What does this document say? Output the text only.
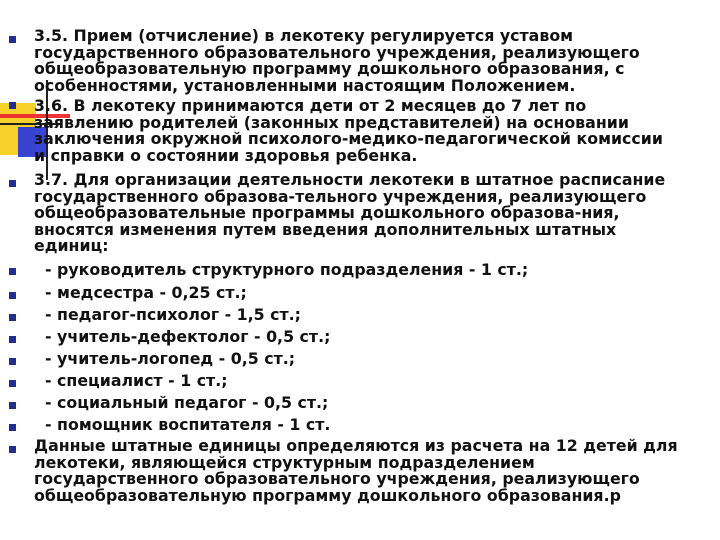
3.5. Прием (отчисление) в лекотеку регулируется уставом
государственного образовательного учреждения, реализующего
общеобразовательную программу дошкольного образования, с
особенностями, установленными настоящим Положением.
3.6. В лекотеку принимаются дети от 2 месяцев до 7 лет по
заявлению родителей (законных представителей) на основании
заключения окружной психолого-медико-педагогической комиссии
и справки о состоянии здоровья ребенка.
3.7. Для организации деятельности лекотеки в штатное расписание
государственного образова-тельного учреждения, реализующего
общеобразовательные программы дошкольного образова-ния,
вносятся изменения путем введения дополнительных штатных
единиц:
- руководитель структурного подразделения - 1 ст.;
- медсестра - 0,25 ст.;
- педагог-психолог - 1,5 ст.;
- учитель-дефектолог - 0,5 ст.;
- учитель-логопед - 0,5 ст.;
- специалист - 1 ст.;
- социальный педагог - 0,5 ст.;
- помощник воспитателя - 1 ст.
Данные штатные единицы определяются из расчета на 12 детей для
лекотеки, являющейся структурным подразделением
государственного образовательного учреждения, реализующего
общеобразовательную программу дошкольного образования.р
